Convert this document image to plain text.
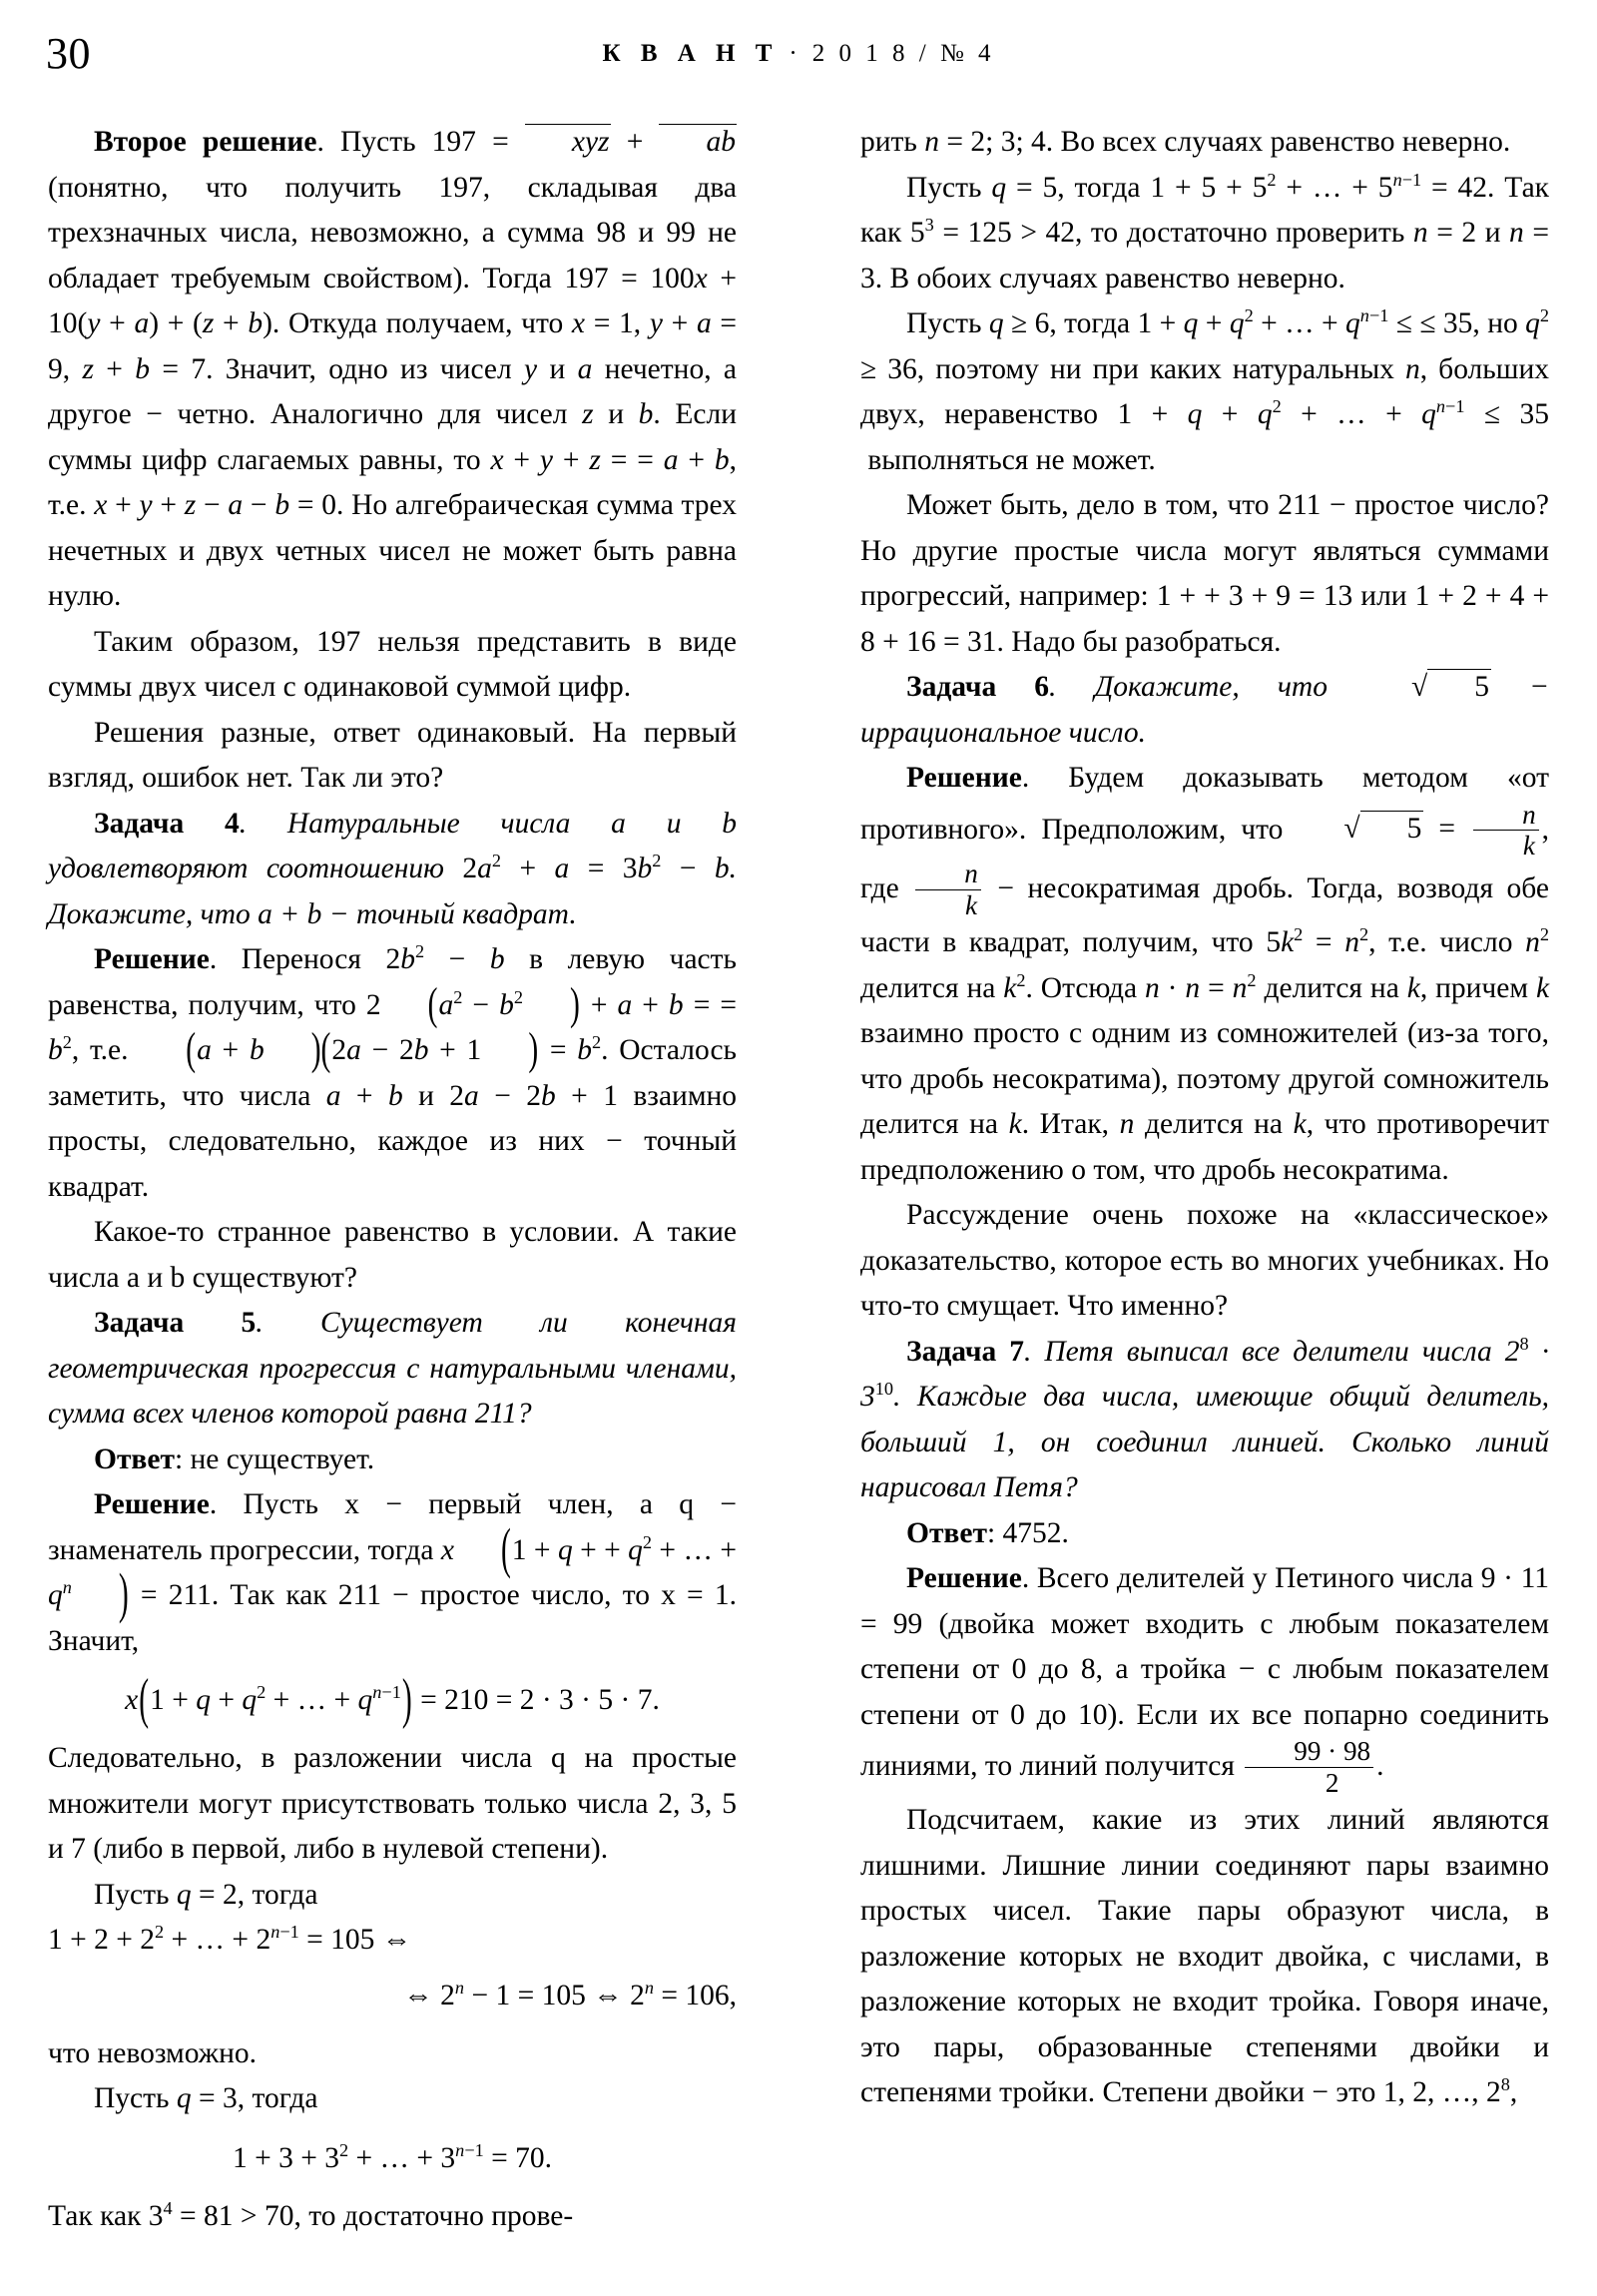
30	К В А Н Т · 2 0 1 8 / № 4

Второе решение. Пусть 197 = xyz + ab (понятно, что получить 197, складывая два трехзначных числа, невозможно, а сумма 98 и 99 не обладает требуемым свойством). Тогда 197 = 100x + 10(y + a) + (z + b). Откуда получаем, что x = 1, y + a = 9, z + b = 7. Значит, одно из чисел y и a нечетно, а другое − четно. Аналогично для чисел z и b. Если суммы цифр слагаемых равны, то x + y + z = = a + b, т.е. x + y + z − a − b = 0. Но алгебраическая сумма трех нечетных и двух четных чисел не может быть равна нулю.

Таким образом, 197 нельзя представить в виде суммы двух чисел с одинаковой суммой цифр.

Решения разные, ответ одинаковый. На первый взгляд, ошибок нет. Так ли это?

Задача 4. Натуральные числа a и b удовлетворяют соотношению $2a^2 + a = 3b^2 - b$. Докажите, что a + b − точный квадрат.

Решение. Перенося $2b^2 - b$ в левую часть равенства, получим, что 2 ($a^2 - b^2$ ) + a + b = = $b^2$, т.е. (a + b )(2a − 2b + 1 ) = $b^2$. Осталось заметить, что числа a + b и 2a − 2b + 1 взаимно просты, следовательно, каждое из них − точный квадрат.

Какое-то странное равенство в условии. А такие числа a и b существуют?

Задача 5. Существует ли конечная геометрическая прогрессия с натуральными членами, сумма всех членов которой равна 211?

Ответ: не существует.

Решение. Пусть x − первый член, а q − знаменатель прогрессии, тогда x (1 + q + + $q^2$ + … + $q^n$ ) = 211. Так как 211 − простое число, то x = 1. Значит,

$x(1 + q + q^2$ + … + $q^{n-1}) = 210 = 2 \cdot 3 \cdot 5 \cdot 7$.

Следовательно, в разложении числа q на простые множители могут присутствовать только числа 2, 3, 5 и 7 (либо в первой, либо в нулевой степени).

Пусть q = 2, тогда

$1 + 2 + 2^2$ + … + $2^{n-1} = 105$ ⇔

⇔ $2^n - 1 = 105$ ⇔ $2^n = 106$,

что невозможно.

Пусть q = 3, тогда

$1 + 3 + 3^2$ + … + $3^{n-1} = 70$.

Так как $3^4 = 81 > 70$, то достаточно прове-

рить n = 2; 3; 4. Во всех случаях равенство неверно.

Пусть q = 5, тогда $1 + 5 + 5^2$ + … + $5^{n-1} = 42$. Так как $5^3 = 125 > 42$, то достаточно проверить n = 2 и n = 3. В обоих случаях равенство неверно.

Пусть q ≥ 6, тогда $1 + q + q^2$ + … + $q^{n-1}$ ≤ ≤ 35, но $q^2 \ge 36$, поэтому ни при каких натуральных n, больших двух, неравенство $1 + q + q^2$ + … + $q^{n-1} \le 35$  выполняться не может.

Может быть, дело в том, что 211 − простое число? Но другие простые числа могут являться суммами прогрессий, например: 1 + + 3 + 9 = 13 или 1 + 2 + 4 + 8 + 16 = 31. Надо бы разобраться.

Задача 6. Докажите, что √ 5 − иррациональное число.

Решение. Будем доказывать методом «от противного». Предположим, что √ $5 = \frac{n}{k}$ , где $\frac{n}{k}$ − несократимая дробь. Тогда, возводя обе части в квадрат, получим, что $5k^2 = n^2$, т.е. число $n^2$ делится на $k^2$. Отсюда $n \cdot n = n^2$ делится на k, причем k взаимно просто с одним из сомножителей (из-за того, что дробь несократима), поэтому другой сомножитель делится на k. Итак, n делится на k, что противоречит предположению о том, что дробь несократима.

Рассуждение очень похоже на «классическое» доказательство, которое есть во многих учебниках. Но что-то смущает. Что именно?

Задача 7. Петя выписал все делители числа $2^8 \cdot 3^{10}$. Каждые два числа, имеющие общий делитель, больший 1, он соединил линией. Сколько линий нарисовал Петя?

Ответ: 4752.

Решение. Всего делителей у Петиного числа 9 · 11 = 99 (двойка может входить с любым показателем степени от 0 до 8, а тройка − с любым показателем степени от 0 до 10). Если их все попарно соединить линиями, то линий получится $\frac{99 \cdot 98}{2}$ .

Подсчитаем, какие из этих линий являются лишними. Лишние линии соединяют пары взаимно простых чисел. Такие пары образуют числа, в разложение которых не входит двойка, с числами, в разложение которых не входит тройка. Говоря иначе, это пары, образованные степенями двойки и степенями тройки. Степени двойки − это 1, 2, …, $2^8$,
